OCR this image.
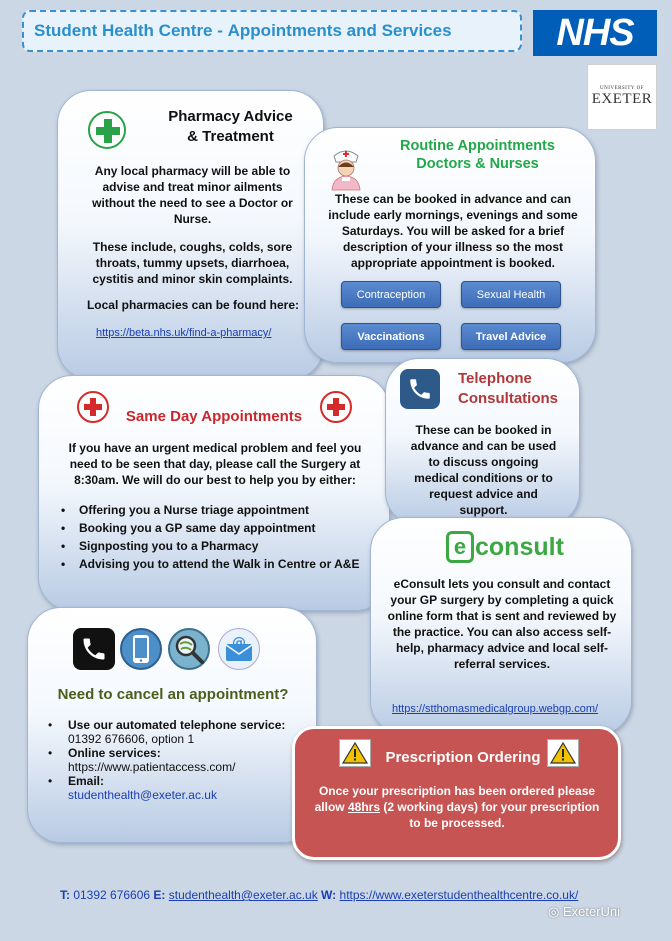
Student Health Centre - Appointments and Services	NHS
UNIVERSITY OF
EXETER
Pharmacy Advice
& Treatment
Any local pharmacy will be able to advise and treat minor ailments without the need to see a Doctor or Nurse.
These include, coughs, colds, sore throats, tummy upsets, diarrhoea, cystitis and minor skin complaints.
Local pharmacies can be found here:
https://beta.nhs.uk/find-a-pharmacy/
Routine Appointments
Doctors & Nurses
These can be booked in advance and can include early mornings, evenings and some Saturdays. You will be asked for a brief description of your illness so the most appropriate appointment is booked.
Contraception	Sexual Health
Vaccinations	Travel Advice
Same Day Appointments
If you have an urgent medical problem and feel you need to be seen that day, please call the Surgery at 8:30am. We will do our best to help you by either:
• Offering you a Nurse triage appointment
• Booking you a GP same day appointment
• Signposting you to a Pharmacy
• Advising you to attend the Walk in Centre or A&E
Telephone
Consultations
These can be booked in advance and can be used to discuss ongoing medical conditions or to request advice and support.
e consult
eConsult lets you consult and contact your GP surgery by completing a quick online form that is sent and reviewed by the practice. You can also access self-help, pharmacy advice and local self-referral services.
https://stthomasmedicalgroup.webgp.com/
@
Need to cancel an appointment?
• Use our automated telephone service:
01392 676606, option 1
• Online services:
https://www.patientaccess.com/
• Email:
studenthealth@exeter.ac.uk
Prescription Ordering
Once your prescription has been ordered please allow 48hrs (2 working days) for your prescription to be processed.
T: 01392 676606 E: studenthealth@exeter.ac.uk W: https://www.exeterstudenthealthcentre.co.uk/
◎ ExeterUni
